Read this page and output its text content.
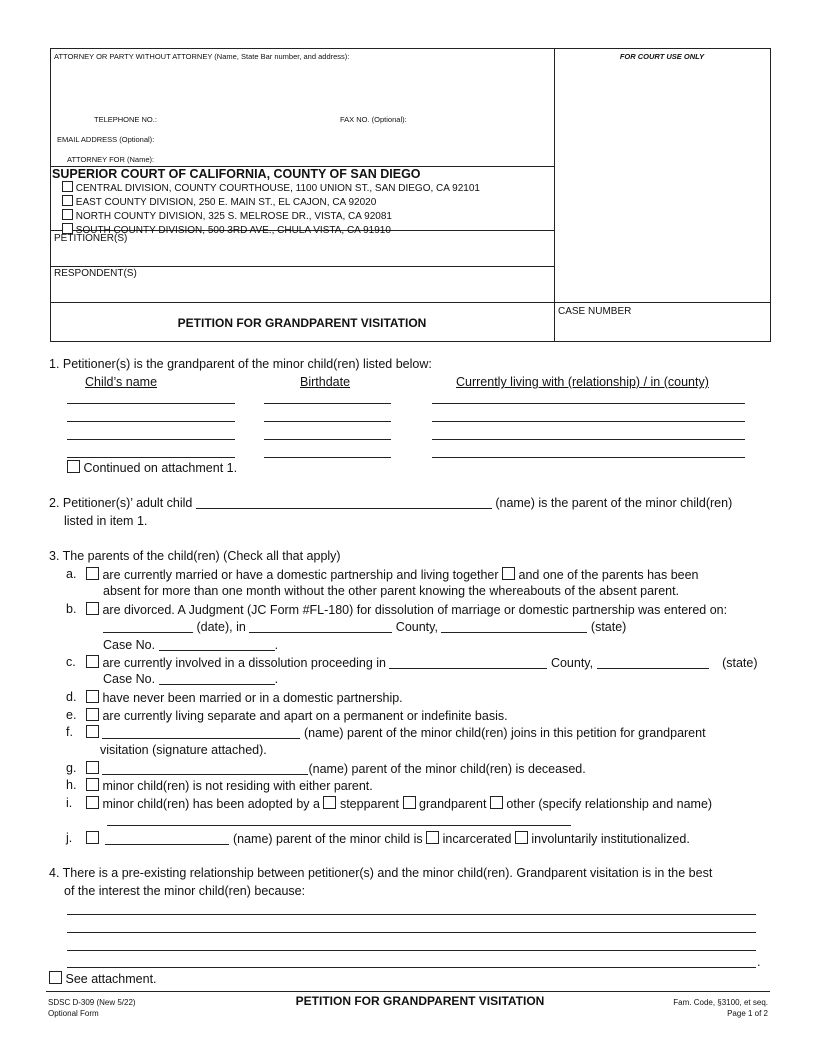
ATTORNEY OR PARTY WITHOUT ATTORNEY (Name, State Bar number, and address):	FOR COURT USE ONLY
TELEPHONE NO.:	FAX NO. (Optional):
EMAIL ADDRESS (Optional):
ATTORNEY FOR (Name):
SUPERIOR COURT OF CALIFORNIA, COUNTY OF SAN DIEGO
CENTRAL DIVISION, COUNTY COURTHOUSE, 1100 UNION ST., SAN DIEGO, CA 92101
EAST COUNTY DIVISION, 250 E. MAIN ST., EL CAJON, CA 92020
NORTH COUNTY DIVISION, 325 S. MELROSE DR., VISTA, CA 92081
SOUTH COUNTY DIVISION, 500 3RD AVE., CHULA VISTA, CA 91910
PETITIONER(S)
RESPONDENT(S)
CASE NUMBER
PETITION FOR GRANDPARENT VISITATION
1. Petitioner(s) is the grandparent of the minor child(ren) listed below:
Child’s name	Birthdate	Currently living with (relationship) / in (county)
Continued on attachment 1.
2. Petitioner(s)’ adult child	(name) is the parent of the minor child(ren)
listed in item 1.
3. The parents of the child(ren) (Check all that apply)
a.	are currently married or have a domestic partnership and living together and one of the parents has been
absent for more than one month without the other parent knowing the whereabouts of the absent parent.
b.	are divorced. A Judgment (JC Form #FL-180) for dissolution of marriage or domestic partnership was entered on:
(date), in	County,	(state)
Case No.	.
c.	are currently involved in a dissolution proceeding in	County,	(state)
Case No.	.
d.	have never been married or in a domestic partnership.
e.	are currently living separate and apart on a permanent or indefinite basis.
f.	(name) parent of the minor child(ren) joins in this petition for grandparent
visitation (signature attached).
g.	(name) parent of the minor child(ren) is deceased.
h.	minor child(ren) is not residing with either parent.
i.	minor child(ren) has been adopted by a stepparent grandparent other (specify relationship and name)
j.	(name) parent of the minor child is incarcerated involuntarily institutionalized.
4. There is a pre-existing relationship between petitioner(s) and the minor child(ren). Grandparent visitation is in the best
of the interest the minor child(ren) because:
.
See attachment.
SDSC D-309 (New 5/22)
Optional Form
PETITION FOR GRANDPARENT VISITATION	Fam. Code, §3100, et seq.
Page 1 of 2
